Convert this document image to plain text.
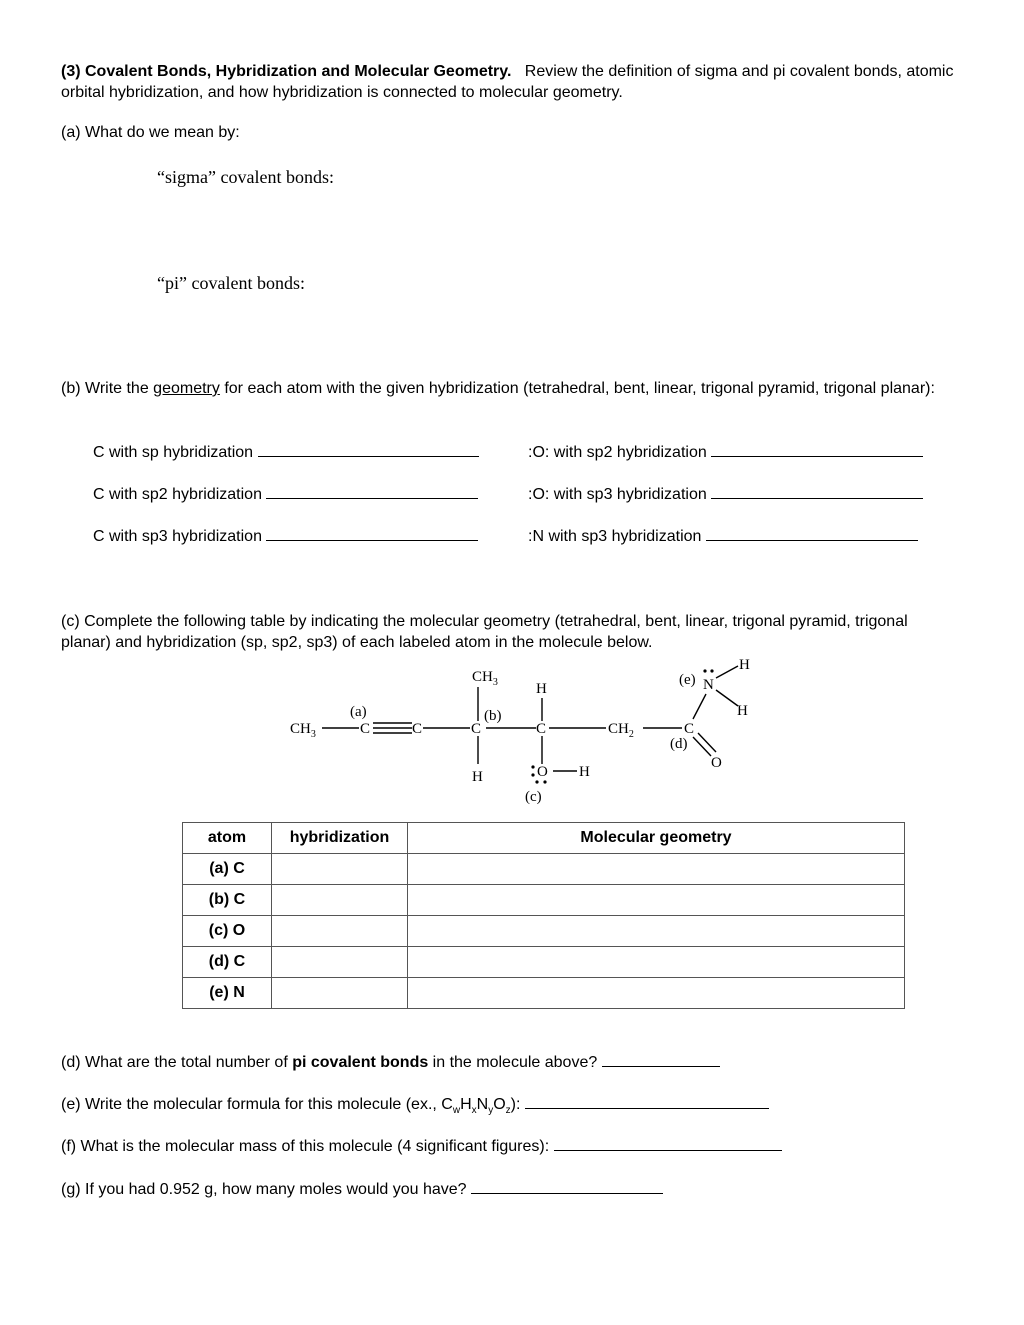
(3) Covalent Bonds, Hybridization and Molecular Geometry. Review the definition of sigma and pi covalent bonds, atomic orbital hybridization, and how hybridization is connected to molecular geometry.
(a) What do we mean by:
“sigma” covalent bonds:
“pi” covalent bonds:
(b) Write the geometry for each atom with the given hybridization (tetrahedral, bent, linear, trigonal pyramid, trigonal planar):
C with sp hybridization
C with sp2 hybridization
C with sp3 hybridization
:O: with sp2 hybridization
:O: with sp3 hybridization
:N with sp3 hybridization
(c) Complete the following table by indicating the molecular geometry (tetrahedral, bent, linear, trigonal pyramid, trigonal planar) and hybridization (sp, sp2, sp3) of each labeled atom in the molecule below.
$CH_3$	C	C
$CH_3$
C
H
H
C
O H
$CH_2$	C
O
N
H
H
(a)	(b)
(c)
(d)
(e)
atom	hybridization	Molecular geometry
(a) C		
(b) C		
(c) O		
(d) C		
(e) N		
(d) What are the total number of pi covalent bonds in the molecule above?
(e) Write the molecular formula for this molecule (ex., $C_wH_xN_yO_z$):
(f) What is the molecular mass of this molecule (4 significant figures):
(g) If you had 0.952 g, how many moles would you have?
